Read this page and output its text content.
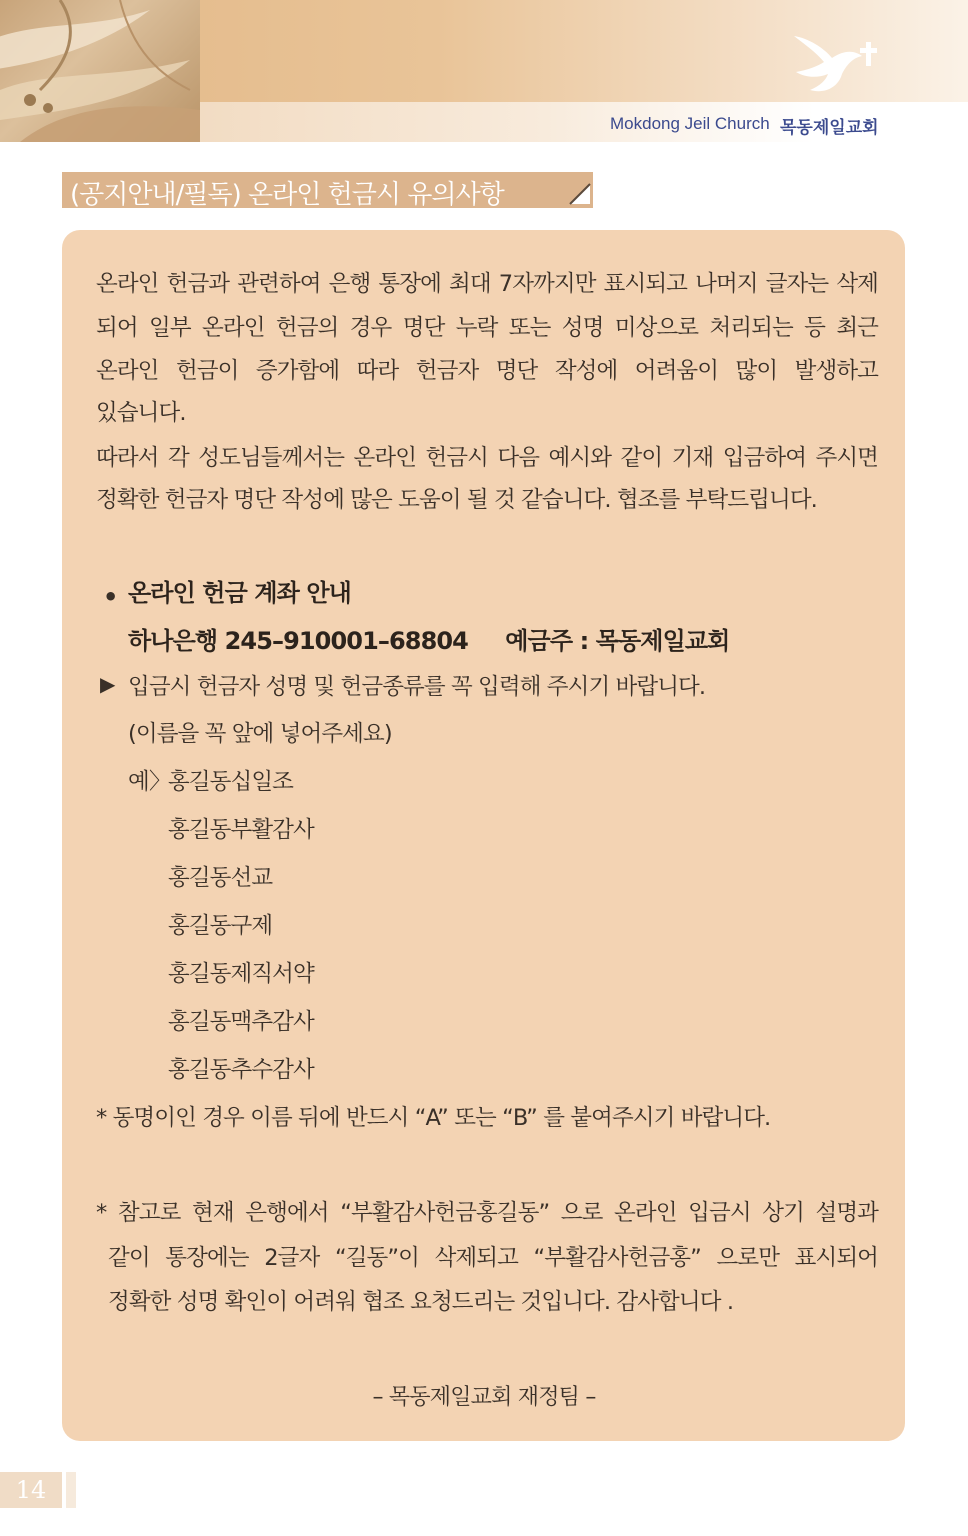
Mokdong Jeil Church 목동제일교회
(공지안내/필독) 온라인 헌금시 유의사항

온라인 헌금과 관련하여 은행 통장에 최대 7자까지만 표시되고 나머지 글자는 삭제

되어 일부 온라인 헌금의 경우 명단 누락 또는 성명 미상으로 처리되는 등 최근

온라인 헌금이 증가함에 따라 헌금자 명단 작성에 어려움이 많이 발생하고

있습니다.

따라서 각 성도님들께서는 온라인 헌금시 다음 예시와 같이 기재 입금하여 주시면

정확한 헌금자 명단 작성에 많은 도움이 될 것 같습니다. 협조를 부탁드립니다.

• 온라인 헌금 계좌 안내

하나은행 245–910001–68804     예금주 : 목동제일교회

▶ 입금시 헌금자 성명 및 헌금종류를 꼭 입력해 주시기 바랍니다.

(이름을 꼭 앞에 넣어주세요)

예〉

홍길동십일조

홍길동부활감사

홍길동선교

홍길동구제

홍길동제직서약

홍길동맥추감사

홍길동추수감사

* 동명이인 경우 이름 뒤에 반드시 “A” 또는 “B” 를 붙여주시기 바랍니다.

* 참고로 현재 은행에서 “부활감사헌금홍길동” 으로 온라인 입금시 상기 설명과

같이 통장에는 2글자 “길동”이 삭제되고 “부활감사헌금홍” 으로만 표시되어

정확한 성명 확인이 어려워 협조 요청드리는 것입니다. 감사합니다 .

– 목동제일교회 재정팀 –
14
